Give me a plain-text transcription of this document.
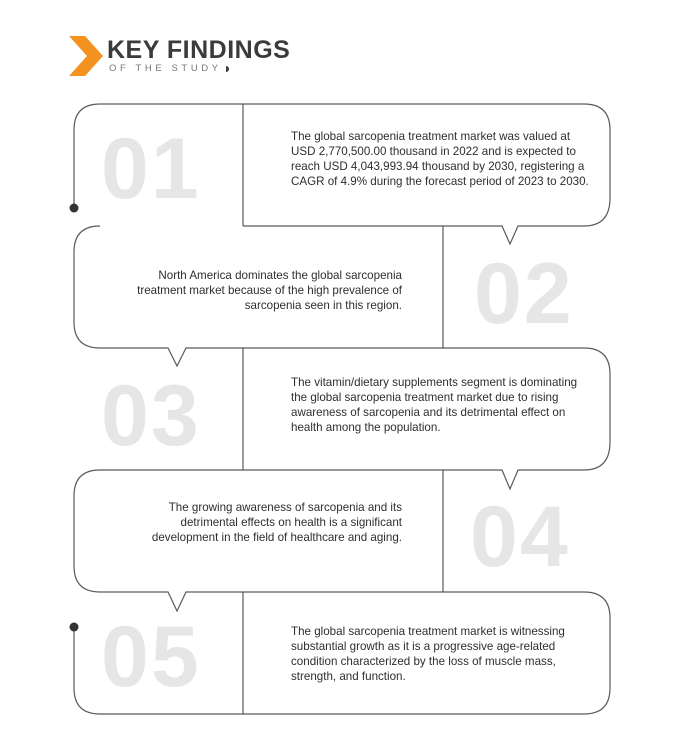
KEY FINDINGS
OF THE STUDY
01	The global sarcopenia treatment market was valued at USD 2,770,500.00 thousand in 2022 and is expected to reach USD 4,043,993.94 thousand by 2030, registering a CAGR of 4.9% during the forecast period of 2023 to 2030.
02
North America dominates the global sarcopenia treatment market because of the high prevalence of sarcopenia seen in this region.
03	The vitamin/dietary supplements segment is dominating the global sarcopenia treatment market due to rising awareness of sarcopenia and its detrimental effect on health among the population.
04
The growing awareness of sarcopenia and its detrimental effects on health is a significant development in the field of healthcare and aging.
05	The global sarcopenia treatment market is witnessing substantial growth as it is a progressive age-related condition characterized by the loss of muscle mass, strength, and function.
